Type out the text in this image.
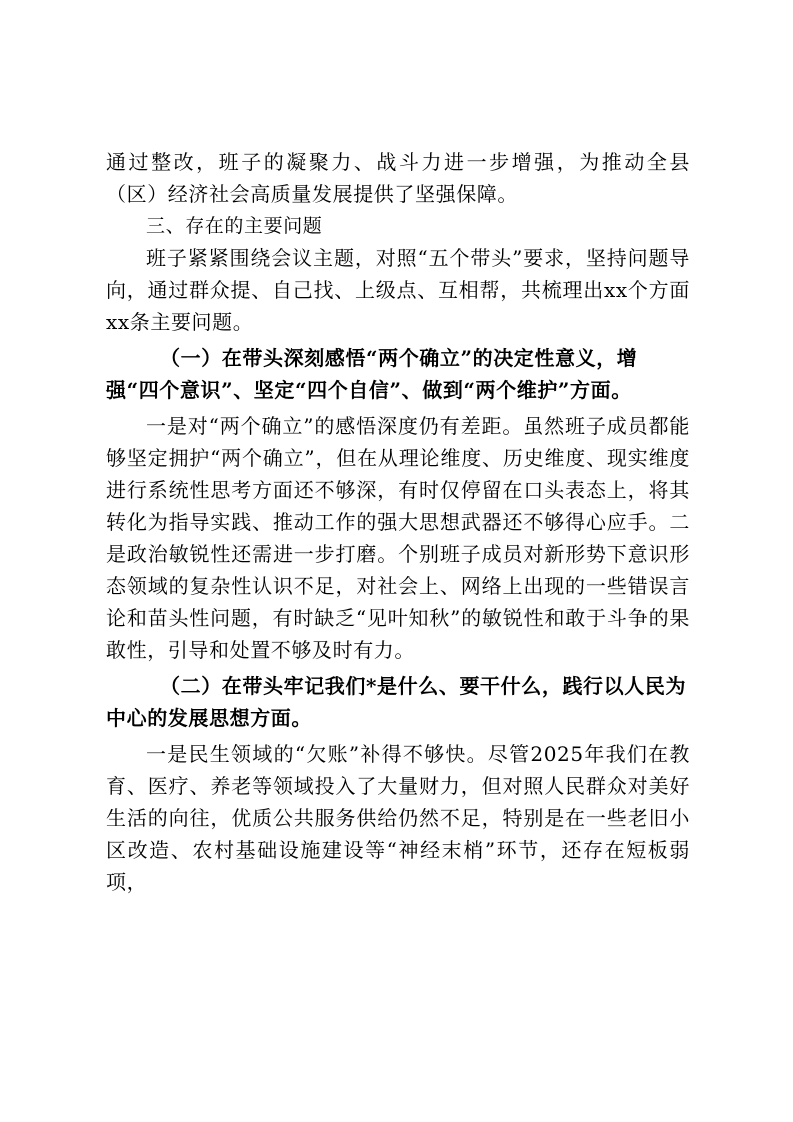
通过整改，班子的凝聚力、战斗力进一步增强，为推动全县（区）经济社会高质量发展提供了坚强保障。

三、存在的主要问题

班子紧紧围绕会议主题，对照“五个带头”要求，坚持问题导向，通过群众提、自己找、上级点、互相帮，共梳理出xx个方面xx条主要问题。

（一）在带头深刻感悟“两个确立”的决定性意义，增强“四个意识”、坚定“四个自信”、做到“两个维护”方面。

一是对“两个确立”的感悟深度仍有差距。虽然班子成员都能够坚定拥护“两个确立”，但在从理论维度、历史维度、现实维度进行系统性思考方面还不够深，有时仅停留在口头表态上，将其转化为指导实践、推动工作的强大思想武器还不够得心应手。二是政治敏锐性还需进一步打磨。个别班子成员对新形势下意识形态领域的复杂性认识不足，对社会上、网络上出现的一些错误言论和苗头性问题，有时缺乏“见叶知秋”的敏锐性和敢于斗争的果敢性，引导和处置不够及时有力。

（二）在带头牢记我们*是什么、要干什么，践行以人民为中心的发展思想方面。

一是民生领域的“欠账”补得不够快。尽管2025年我们在教育、医疗、养老等领域投入了大量财力，但对照人民群众对美好生活的向往，优质公共服务供给仍然不足，特别是在一些老旧小区改造、农村基础设施建设等“神经末梢”环节，还存在短板弱项，
